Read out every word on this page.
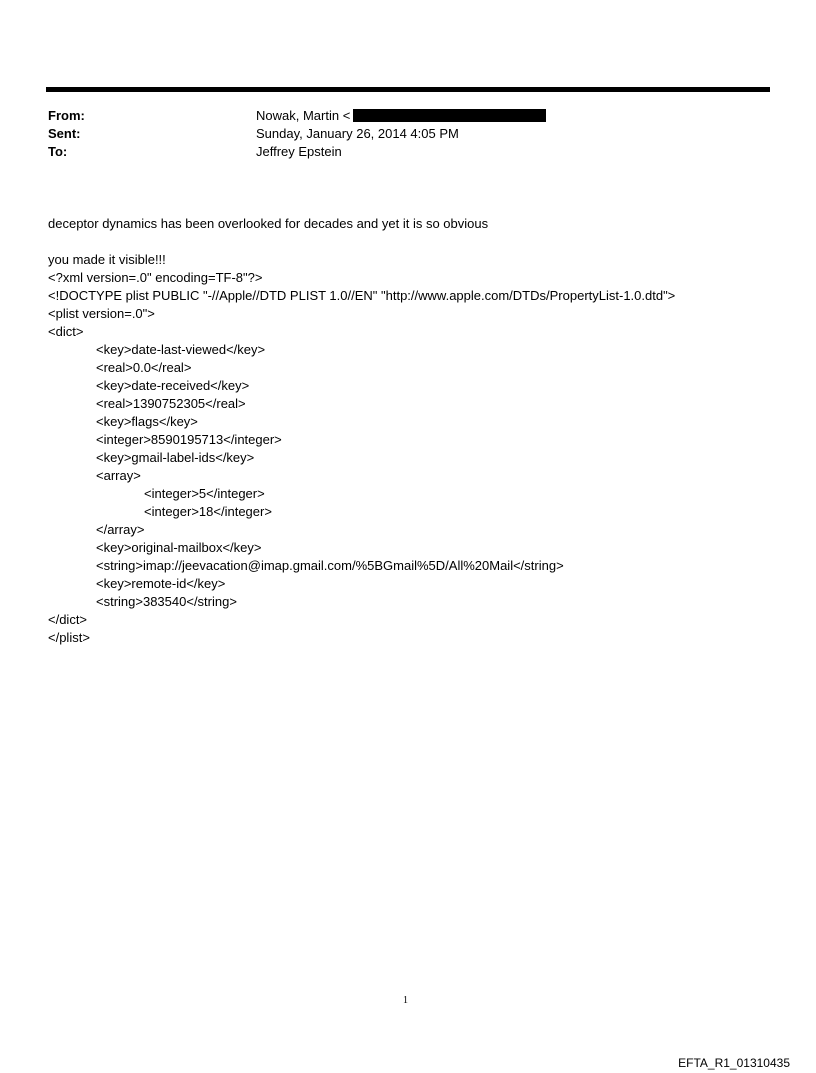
From:	Nowak, Martin <
Sent:	Sunday, January 26, 2014 4:05 PM
To:	Jeffrey Epstein
deceptor dynamics has been overlooked for decades and yet it is so obvious
you made it visible!!!
<?xml version=.0" encoding=TF-8"?>
<!DOCTYPE plist PUBLIC "-//Apple//DTD PLIST 1.0//EN" "http://www.apple.com/DTDs/PropertyList-1.0.dtd">
<plist version=.0">
<dict>
<key>date-last-viewed</key>
<real>0.0</real>
<key>date-received</key>
<real>1390752305</real>
<key>flags</key>
<integer>8590195713</integer>
<key>gmail-label-ids</key>
<array>
<integer>5</integer>
<integer>18</integer>
</array>
<key>original-mailbox</key>
<string>imap://jeevacation@imap.gmail.com/%5BGmail%5D/All%20Mail</string>
<key>remote-id</key>
<string>383540</string>
</dict>
</plist>
1
EFTA_R1_01310435
